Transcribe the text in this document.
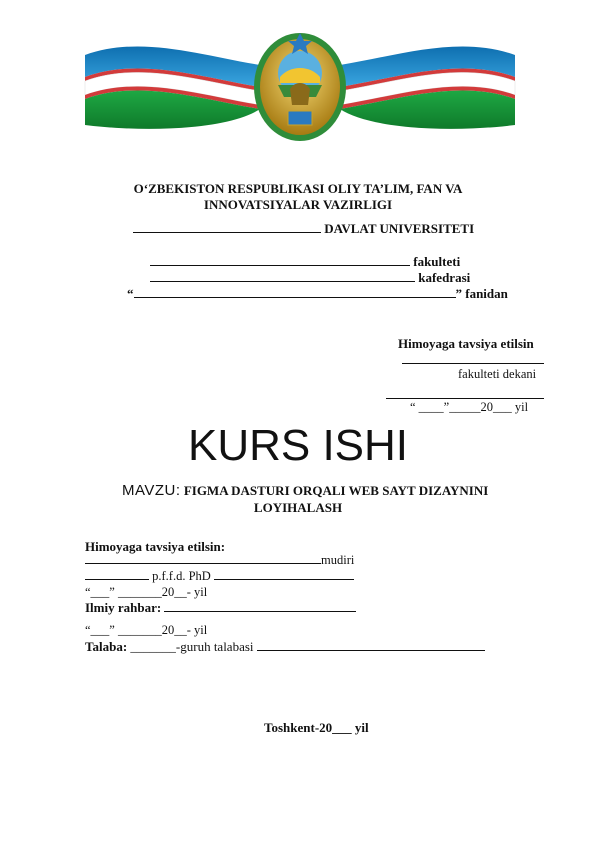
O‘ZBEKISTON RESPUBLIKASI OLIY TA’LIM, FAN VA
INNOVATSIYALAR VAZIRLIGI
DAVLAT UNIVERSITETI
fakulteti
kafedrasi
“	” fanidan
Himoyaga tavsiya etilsin
fakulteti dekani
“ ____”_____20___ yil
KURS ISHI
MAVZU: FIGMA DASTURI ORQALI WEB SAYT DIZAYNINI
LOYIHALASH
Himoyaga tavsiya etilsin:
mudiri
p.f.f.d. PhD
“___” _______20__- yil
Ilmiy rahbar:
“___” _______20__- yil
Talaba: _______-guruh talabasi
Toshkent-20___ yil
